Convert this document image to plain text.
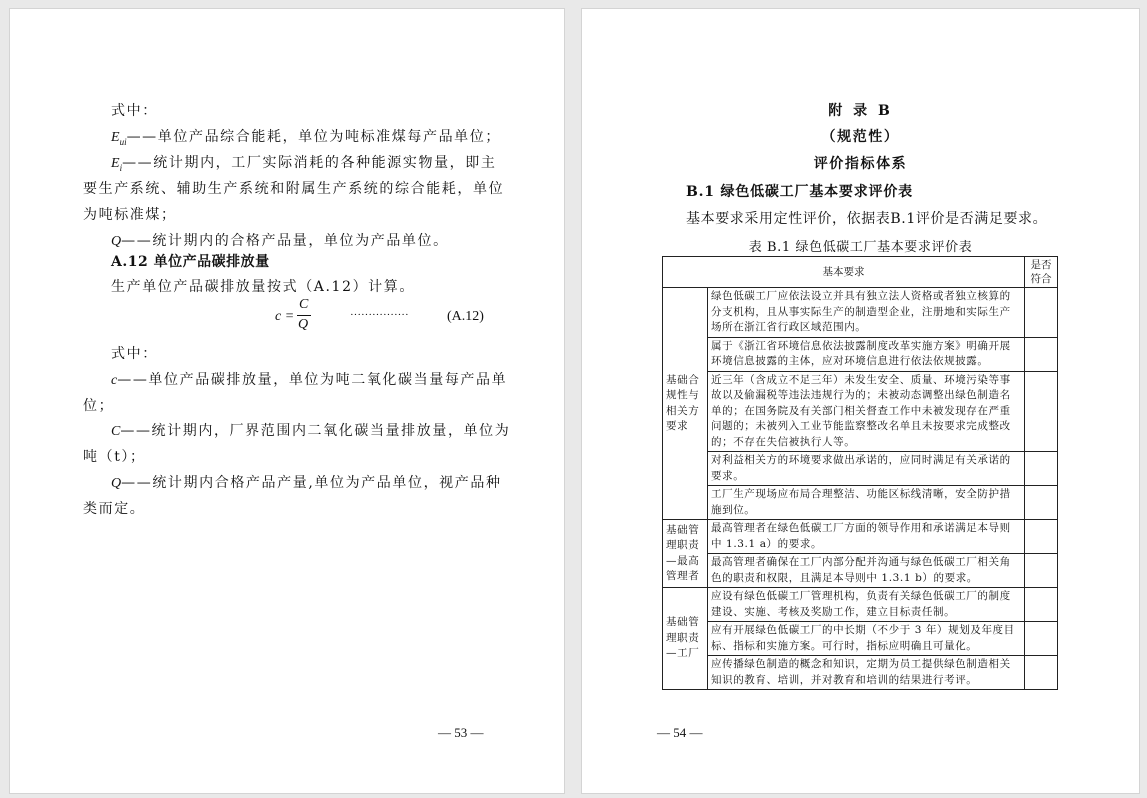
式中：
$E_{ui}——$单位产品综合能耗，单位为吨标准煤每产品单位；
$E_i——$统计期内，工厂实际消耗的各种能源实物量，即主
要生产系统、辅助生产系统和附属生产系统的综合能耗，单位
为吨标准煤；
Q——统计期内的合格产品量，单位为产品单位。
A.12 单位产品碳排放量
生产单位产品碳排放量按式（A.12）计算。
c =
C
Q
················	(A.12)
式中：
c——单位产品碳排放量，单位为吨二氧化碳当量每产品单
位；
C——统计期内，厂界范围内二氧化碳当量排放量，单位为
吨（t）；
Q——统计期内合格产品产量,单位为产品单位，视产品种
类而定。
— 53 —
附 录 B
（规范性）
评价指标体系
B.1 绿色低碳工厂基本要求评价表
基本要求采用定性评价，依据表B.1评价是否满足要求。
表 B.1 绿色低碳工厂基本要求评价表
基本要求		是否符合
基础合规性与相关方要求	绿色低碳工厂应依法设立并具有独立法人资格或者独立核算的分支机构，且从事实际生产的制造型企业，注册地和实际生产场所在浙江省行政区域范围内。	
	属于《浙江省环境信息依法披露制度改革实施方案》明确开展环境信息披露的主体，应对环境信息进行依法依规披露。	
	近三年（含成立不足三年）未发生安全、质量、环境污染等事故以及偷漏税等违法违规行为的；未被动态调整出绿色制造名单的；在国务院及有关部门相关督查工作中未被发现存在严重问题的；未被列入工业节能监察整改名单且未按要求完成整改的；不存在失信被执行人等。	
	对利益相关方的环境要求做出承诺的，应同时满足有关承诺的要求。	
	工厂生产现场应布局合理整洁、功能区标线清晰，安全防护措施到位。	
基础管理职责—最高管理者	最高管理者在绿色低碳工厂方面的领导作用和承诺满足本导则中 1.3.1 a）的要求。	
	最高管理者确保在工厂内部分配并沟通与绿色低碳工厂相关角色的职责和权限，且满足本导则中 1.3.1 b）的要求。	
基础管理职责—工厂	应设有绿色低碳工厂管理机构，负责有关绿色低碳工厂的制度建设、实施、考核及奖励工作，建立目标责任制。	
	应有开展绿色低碳工厂的中长期（不少于 3 年）规划及年度目标、指标和实施方案。可行时，指标应明确且可量化。	
	应传播绿色制造的概念和知识，定期为员工提供绿色制造相关知识的教育、培训，并对教育和培训的结果进行考评。	
— 54 —
